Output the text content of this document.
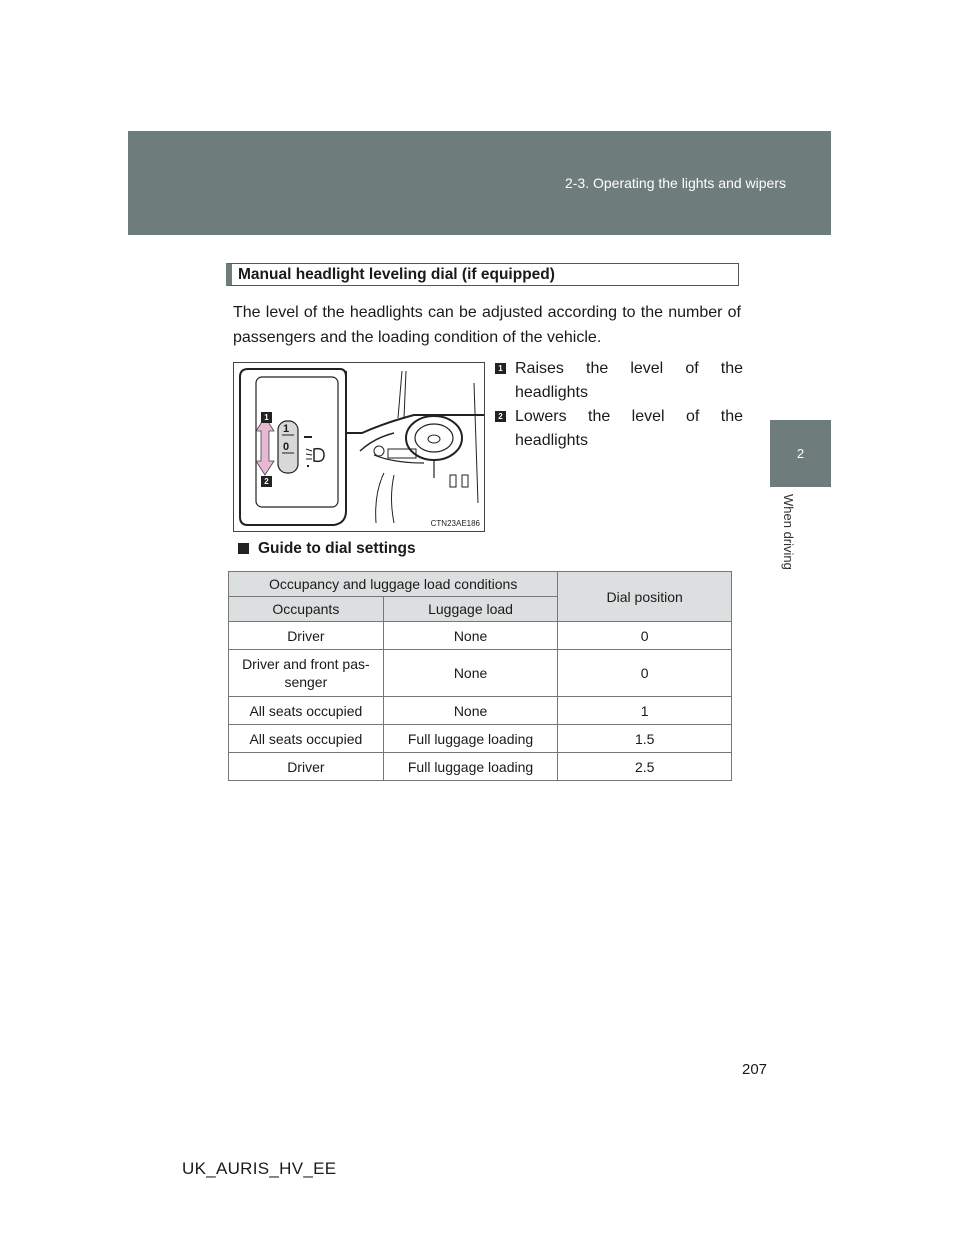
2-3. Operating the lights and wipers
2
When driving
Manual headlight leveling dial (if equipped)
The level of the headlights can be adjusted according to the number of passengers and the loading condition of the vehicle.
1
0
1
2
CTN23AE186
1 Raises the level of the headlights
2 Lowers the level of the headlights
Guide to dial settings
Occupancy and luggage load conditions		Dial position
Occupants	Luggage load	
Driver	None	0
Driver and front pas-senger	None	0
All seats occupied	None	1
All seats occupied	Full luggage loading	1.5
Driver	Full luggage loading	2.5
207
UK_AURIS_HV_EE
